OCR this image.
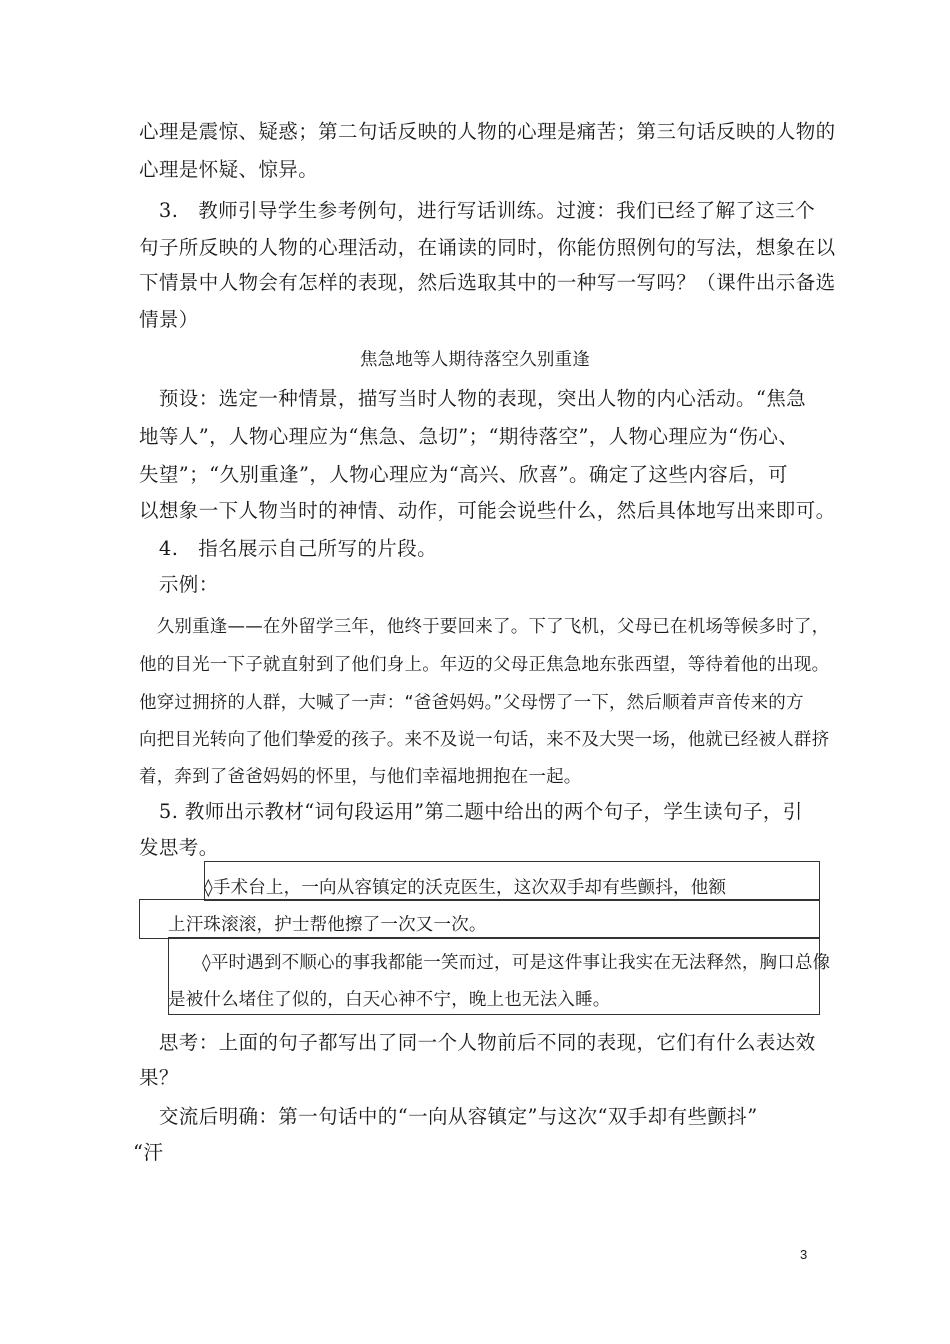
心理是震惊、疑惑；第二句话反映的人物的心理是痛苦；第三句话反映的人物的
心理是怀疑、惊异。
　3.　教师引导学生参考例句，进行写话训练。过渡：我们已经了解了这三个
句子所反映的人物的心理活动，在诵读的同时，你能仿照例句的写法，想象在以
下情景中人物会有怎样的表现，然后选取其中的一种写一写吗？（课件出示备选
情景）
焦急地等人期待落空久别重逢
　预设：选定一种情景，描写当时人物的表现，突出人物的内心活动。“焦急
地等人”，人物心理应为“焦急、急切”；“期待落空”，人物心理应为“伤心、
失望”；“久别重逢”，人物心理应为“高兴、欣喜”。确定了这些内容后，可
以想象一下人物当时的神情、动作，可能会说些什么，然后具体地写出来即可。
　4.　指名展示自己所写的片段。
　示例：
　久别重逢——在外留学三年，他终于要回来了。下了飞机，父母已在机场等候多时了，
他的目光一下子就直射到了他们身上。年迈的父母正焦急地东张西望，等待着他的出现。
他穿过拥挤的人群，大喊了一声：“爸爸妈妈。”父母愣了一下，然后顺着声音传来的方
向把目光转向了他们挚爱的孩子。来不及说一句话，来不及大哭一场，他就已经被人群挤
着，奔到了爸爸妈妈的怀里，与他们幸福地拥抱在一起。
　5. 教师出示教材“词句段运用”第二题中给出的两个句子，学生读句子，引
发思考。
◊手术台上，一向从容镇定的沃克医生，这次双手却有些颤抖，他额
上汗珠滚滚，护士帮他擦了一次又一次。
◊平时遇到不顺心的事我都能一笑而过，可是这件事让我实在无法释然，胸口总像
是被什么堵住了似的，白天心神不宁，晚上也无法入睡。
　思考：上面的句子都写出了同一个人物前后不同的表现，它们有什么表达效
果？
　交流后明确：第一句话中的“一向从容镇定”与这次“双手却有些颤抖”
“汗
3
